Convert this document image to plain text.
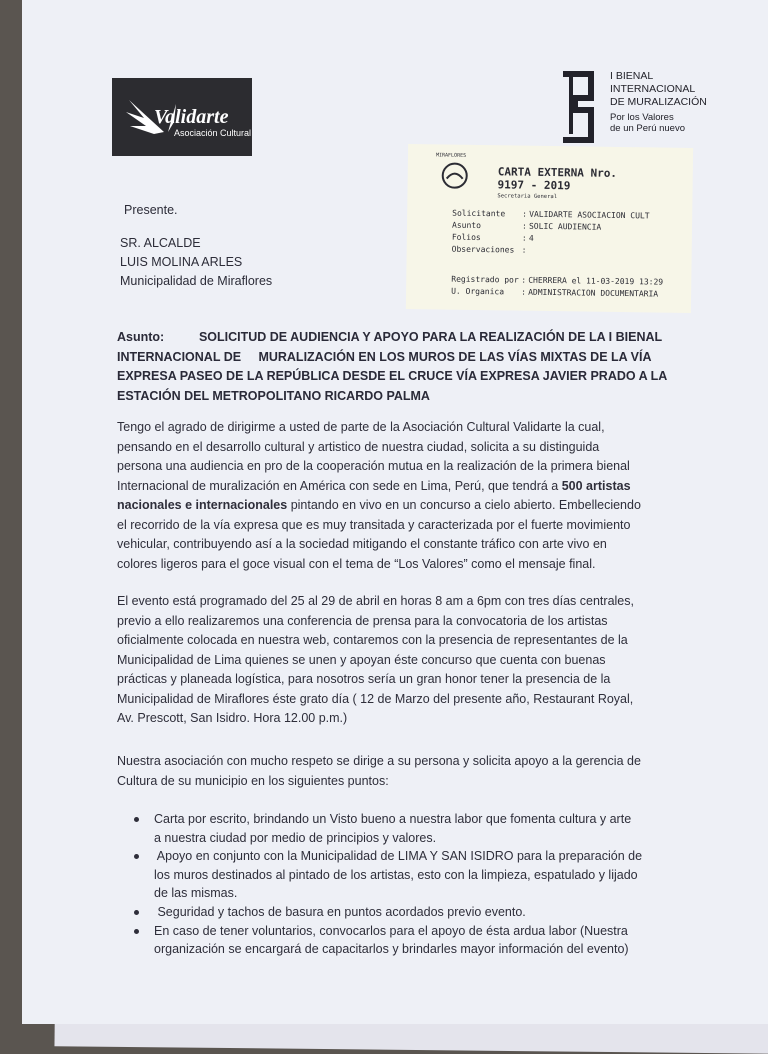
Validarte
Asociación Cultural
I BIENAL
INTERNACIONAL
DE MURALIZACIÓN
Por los Valores
de un Perú nuevo
MIRAFLORES
CARTA EXTERNA Nro.
9197 - 2019
Secretaria General
Solicitante : VALIDARTE ASOCIACION CULT
Asunto	: SOLIC AUDIENCIA
Folios	: 4
Observaciones :
Registrado por : CHERRERA el 11-03-2019 13:29
U. Organica : ADMINISTRACION DOCUMENTARIA
Presente.
SR. ALCALDE
LUIS MOLINA ARLES
Municipalidad de Miraflores
Asunto:          SOLICITUD DE AUDIENCIA Y APOYO PARA LA REALIZACIÓN DE LA I BIENAL
INTERNACIONAL DE     MURALIZACIÓN EN LOS MUROS DE LAS VÍAS MIXTAS DE LA VÍA
EXPRESA PASEO DE LA REPÚBLICA DESDE EL CRUCE VÍA EXPRESA JAVIER PRADO A LA
ESTACIÓN DEL METROPOLITANO RICARDO PALMA
Tengo el agrado de dirigirme a usted de parte de la Asociación Cultural Validarte la cual,
pensando en el desarrollo cultural y artistico de nuestra ciudad, solicita a su distinguida
persona una audiencia en pro de la cooperación mutua en la realización de la primera bienal
Internacional de muralización en América con sede en Lima, Perú, que tendrá a 500 artistas
nacionales e internacionales pintando en vivo en un concurso a cielo abierto. Embelleciendo
el recorrido de la vía expresa que es muy transitada y caracterizada por el fuerte movimiento
vehicular, contribuyendo así a la sociedad mitigando el constante tráfico con arte vivo en
colores ligeros para el goce visual con el tema de “Los Valores” como el mensaje final.
El evento está programado del 25 al 29 de abril en horas 8 am a 6pm con tres días centrales,
previo a ello realizaremos una conferencia de prensa para la convocatoria de los artistas
oficialmente colocada en nuestra web, contaremos con la presencia de representantes de la
Municipalidad de Lima quienes se unen y apoyan éste concurso que cuenta con buenas
prácticas y planeada logística, para nosotros sería un gran honor tener la presencia de la
Municipalidad de Miraflores éste grato día ( 12 de Marzo del presente año, Restaurant Royal,
Av. Prescott, San Isidro. Hora 12.00 p.m.)
Nuestra asociación con mucho respeto se dirige a su persona y solicita apoyo a la gerencia de
Cultura de su municipio en los siguientes puntos:
Carta por escrito, brindando un Visto bueno a nuestra labor que fomenta cultura y arte
a nuestra ciudad por medio de principios y valores.
Apoyo en conjunto con la Municipalidad de LIMA Y SAN ISIDRO para la preparación de
los muros destinados al pintado de los artistas, esto con la limpieza, espatulado y lijado
de las mismas.
Seguridad y tachos de basura en puntos acordados previo evento.
En caso de tener voluntarios, convocarlos para el apoyo de ésta ardua labor (Nuestra
organización se encargará de capacitarlos y brindarles mayor información del evento)
